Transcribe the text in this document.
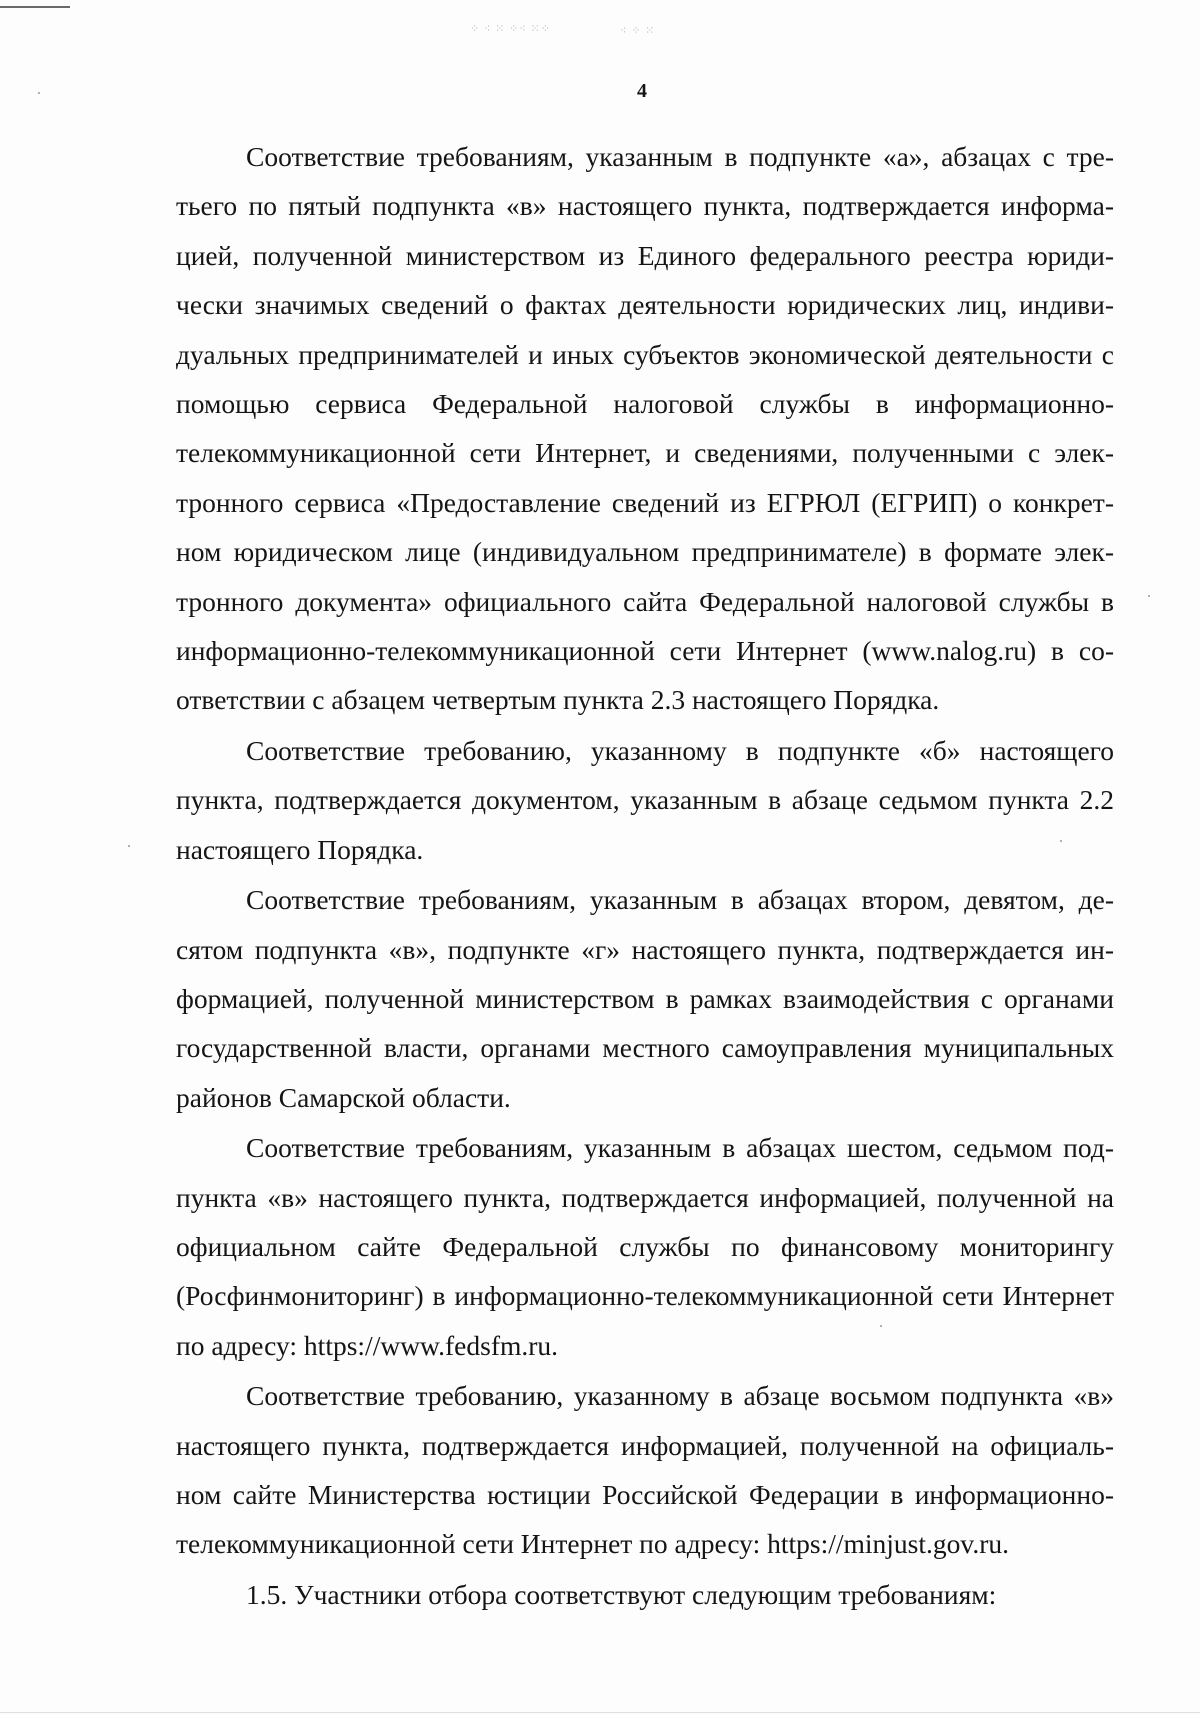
⁘ ⁖ ⁙ ⁘⁖ ⁙⁘	⁖ ⁘ ⁙
4

Соответствие требованиям, указанным в подпункте «а», абзацах с третьего по пятый подпункта «в» настоящего пункта, подтверждается информацией, полученной министерством из Единого федерального реестра юридически значимых сведений о фактах деятельности юридических лиц, индивидуальных предпринимателей и иных субъектов экономической деятельности с помощью сервиса Федеральной налоговой службы в информационно-телекоммуникационной сети Интернет, и сведениями, полученными с электронного сервиса «Предоставление сведений из ЕГРЮЛ (ЕГРИП) о конкретном юридическом лице (индивидуальном предпринимателе) в формате электронного документа» официального сайта Федеральной налоговой службы в информационно-телекоммуникационной сети Интернет (www.nalog.ru) в соответствии с абзацем четвертым пункта 2.3 настоящего Порядка.

Соответствие требованию, указанному в подпункте «б» настоящего пункта, подтверждается документом, указанным в абзаце седьмом пункта 2.2 настоящего Порядка.

Соответствие требованиям, указанным в абзацах втором, девятом, десятом подпункта «в», подпункте «г» настоящего пункта, подтверждается информацией, полученной министерством в рамках взаимодействия с органами государственной власти, органами местного самоуправления муниципальных районов Самарской области.

Соответствие требованиям, указанным в абзацах шестом, седьмом подпункта «в» настоящего пункта, подтверждается информацией, полученной на официальном сайте Федеральной службы по финансовому мониторингу (Росфинмониторинг) в информационно-телекоммуникационной сети Интернет по адресу: https://www.fedsfm.ru.

Соответствие требованию, указанному в абзаце восьмом подпункта «в» настоящего пункта, подтверждается информацией, полученной на официальном сайте Министерства юстиции Российской Федерации в информационно-телекоммуникационной сети Интернет по адресу: https://minjust.gov.ru.

1.5. Участники отбора соответствуют следующим требованиям:
